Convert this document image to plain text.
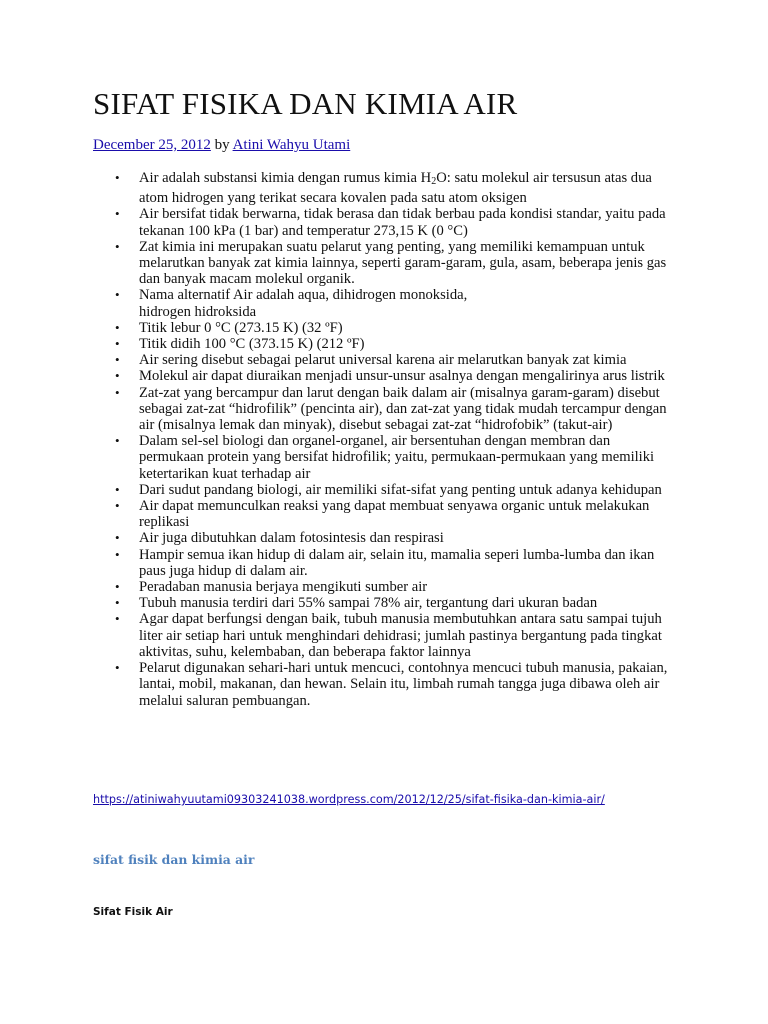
SIFAT FISIKA DAN KIMIA AIR
December 25, 2012 by Atini Wahyu Utami
• Air adalah substansi kimia dengan rumus kimia $H_2O$: satu molekul air tersusun atas dua atom hidrogen yang terikat secara kovalen pada satu atom oksigen
• Air bersifat tidak berwarna, tidak berasa dan tidak berbau pada kondisi standar, yaitu pada tekanan 100 kPa (1 bar) and temperatur 273,15 K (0 °C)
• Zat kimia ini merupakan suatu pelarut yang penting, yang memiliki kemampuan untuk melarutkan banyak zat kimia lainnya, seperti garam-garam, gula, asam, beberapa jenis gas dan banyak macam molekul organik.
• Nama alternatif Air adalah aqua, dihidrogen monoksida,
hidrogen hidroksida
• Titik lebur 0 °C (273.15 K) (32 ºF)
• Titik didih 100 °C (373.15 K) (212 ºF)
• Air sering disebut sebagai pelarut universal karena air melarutkan banyak zat kimia
• Molekul air dapat diuraikan menjadi unsur-unsur asalnya dengan mengalirinya arus listrik
• Zat-zat yang bercampur dan larut dengan baik dalam air (misalnya garam-garam) disebut sebagai zat-zat “hidrofilik” (pencinta air), dan zat-zat yang tidak mudah tercampur dengan air (misalnya lemak dan minyak), disebut sebagai zat-zat “hidrofobik” (takut-air)
• Dalam sel-sel biologi dan organel-organel, air bersentuhan dengan membran dan permukaan protein yang bersifat hidrofilik; yaitu, permukaan-permukaan yang memiliki ketertarikan kuat terhadap air
• Dari sudut pandang biologi, air memiliki sifat-sifat yang penting untuk adanya kehidupan
• Air dapat memunculkan reaksi yang dapat membuat senyawa organic untuk melakukan replikasi
• Air juga dibutuhkan dalam fotosintesis dan respirasi
• Hampir semua ikan hidup di dalam air, selain itu, mamalia seperi lumba-lumba dan ikan paus juga hidup di dalam air.
• Peradaban manusia berjaya mengikuti sumber air
• Tubuh manusia terdiri dari 55% sampai 78% air, tergantung dari ukuran badan
• Agar dapat berfungsi dengan baik, tubuh manusia membutuhkan antara satu sampai tujuh liter air setiap hari untuk menghindari dehidrasi; jumlah pastinya bergantung pada tingkat aktivitas, suhu, kelembaban, dan beberapa faktor lainnya
• Pelarut digunakan sehari-hari untuk mencuci, contohnya mencuci tubuh manusia, pakaian, lantai, mobil, makanan, dan hewan. Selain itu, limbah rumah tangga juga dibawa oleh air melalui saluran pembuangan.
https://atiniwahyuutami09303241038.wordpress.com/2012/12/25/sifat-fisika-dan-kimia-air/
sifat fisik dan kimia air
Sifat Fisik Air
